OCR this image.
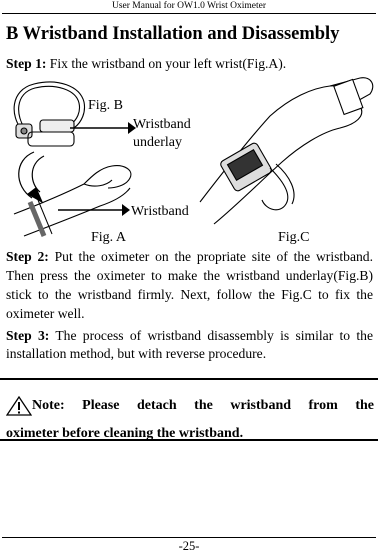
User Manual for OW1.0 Wrist Oximeter
B Wristband Installation and Disassembly
Step 1: Fix the wristband on your left wrist(Fig.A).
Fig. B
Wristband
underlay
Wristband
Fig. A	Fig.C
Step 2: Put the oximeter on the propriate site of the wristband. Then press the oximeter to make the wristband underlay(Fig.B) stick to the wristband firmly. Next, follow the Fig.C to fix the oximeter well.
Step 3: The process of wristband disassembly is similar to the installation method, but with reverse procedure.
Note: Please detach the wristband from the
oximeter before cleaning the wristband.
-25-
